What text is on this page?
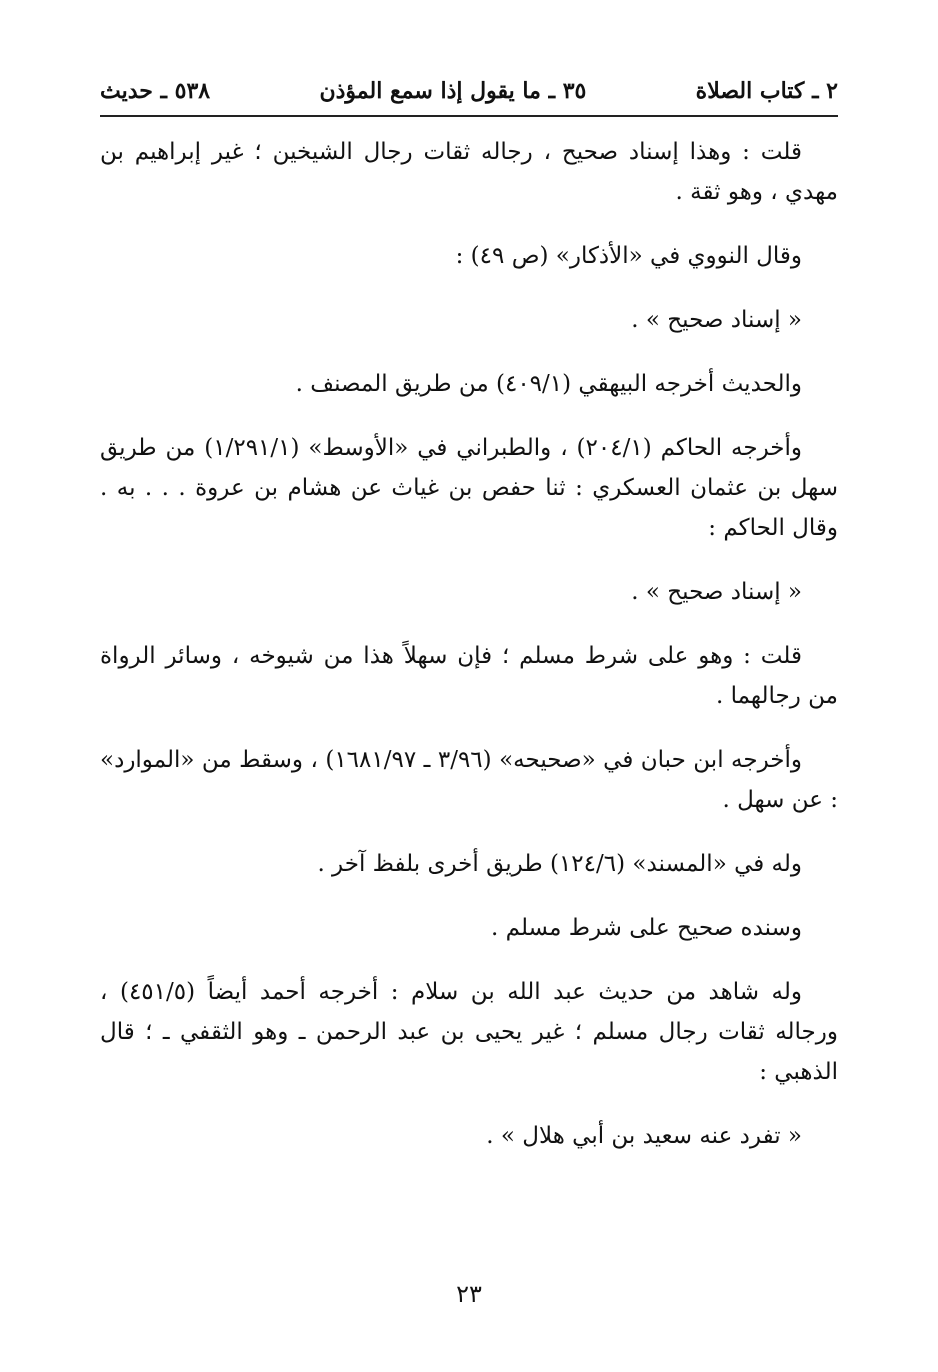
٢ ـ كتاب الصلاة
٣٥ ـ ما يقول إذا سمع المؤذن
٥٣٨ ـ حديث

قلت : وهذا إسناد صحيح ، رجاله ثقات رجال الشيخين ؛ غير إبراهيم بن مهدي ، وهو ثقة .

وقال النووي في «الأذكار» (ص ٤٩) :

« إسناد صحيح » .

والحديث أخرجه البيهقي (٤٠٩/١) من طريق المصنف .

وأخرجه الحاكم (٢٠٤/١) ، والطبراني في «الأوسط» (١/٢٩١/١) من طريق سهل بن عثمان العسكري : ثنا حفص بن غياث عن هشام بن عروة . . . به . وقال الحاكم :

« إسناد صحيح » .

قلت : وهو على شرط مسلم ؛ فإن سهلاً هذا من شيوخه ، وسائر الرواة من رجالهما .

وأخرجه ابن حبان في «صحيحه» (٣/٩٦ ـ ١٦٨١/٩٧) ، وسقط من «الموارد» : عن سهل .

وله في «المسند» (١٢٤/٦) طريق أخرى بلفظ آخر .

وسنده صحيح على شرط مسلم .

وله شاهد من حديث عبد الله بن سلام : أخرجه أحمد أيضاً (٤٥١/٥) ، ورجاله ثقات رجال مسلم ؛ غير يحيى بن عبد الرحمن ـ وهو الثقفي ـ ؛ قال الذهبي :

« تفرد عنه سعيد بن أبي هلال » .

٢٣
